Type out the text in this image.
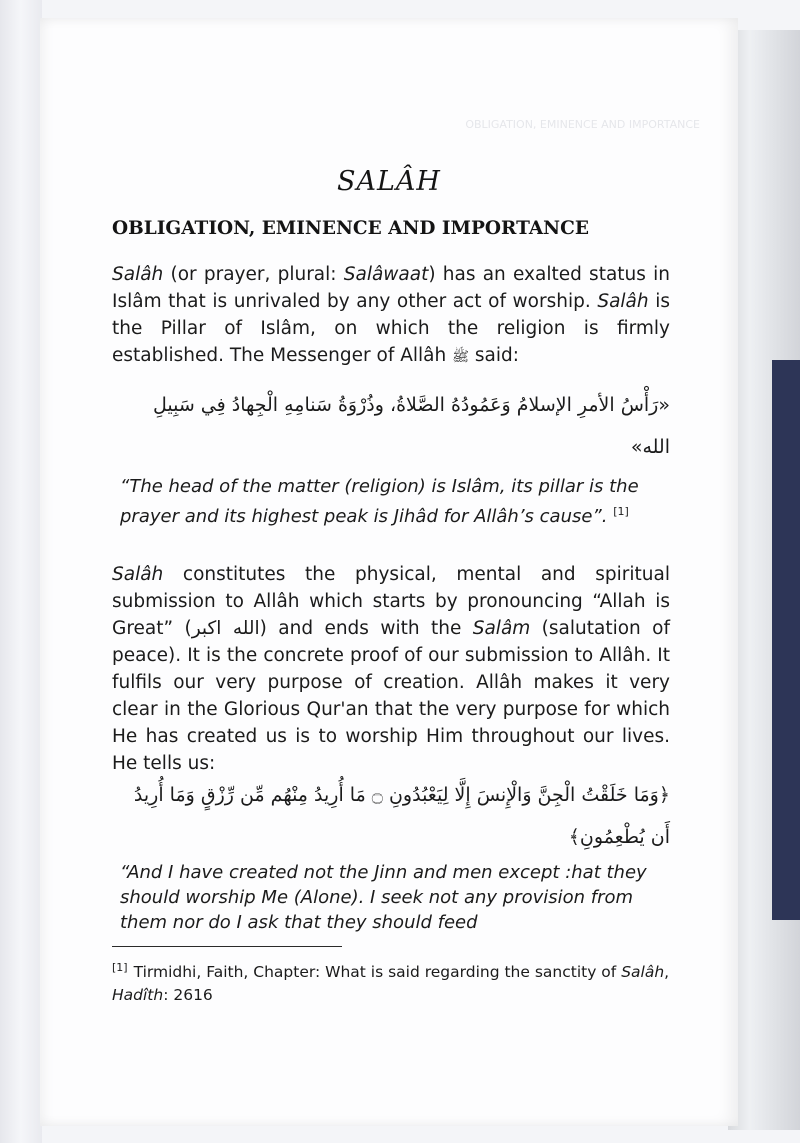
OBLIGATION, EMINENCE AND IMPORTANCE
SALÂH
OBLIGATION, EMINENCE AND IMPORTANCE
Salâh (or prayer, plural: Salâwaat) has an exalted status in Islâm that is unrivaled by any other act of worship. Salâh is the Pillar of Islâm, on which the religion is firmly established. The Messenger of Allâh ﷺ said:
«رَأْسُ الأمرِ الإسلامُ وَعَمُودُهُ الصَّلاةُ، وذُرْوَةُ سَنامِهِ الْجِهادُ فِي سَبِيلِ الله»
“The head of the matter (religion) is Islâm, its pillar is the prayer and its highest peak is Jihâd for Allâh’s cause”. [1]
Salâh constitutes the physical, mental and spiritual submission to Allâh which starts by pronouncing “Allah is Great” (الله اكبر) and ends with the Salâm (salutation of peace). It is the concrete proof of our submission to Allâh. It fulfils our very purpose of creation. Allâh makes it very clear in the Glorious Qur'an that the very purpose for which He has created us is to worship Him throughout our lives. He tells us:
﴿وَمَا خَلَقْتُ الْجِنَّ وَالْإِنسَ إِلَّا لِيَعْبُدُونِ ۝ مَا أُرِيدُ مِنْهُم مِّن رِّزْقٍ وَمَا أُرِيدُ أَن يُطْعِمُونِ﴾
“And I have created not the Jinn and men except :hat they should worship Me (Alone). I seek not any provision from them nor do I ask that they should feed
[1] Tirmidhi, Faith, Chapter: What is said regarding the sanctity of Salâh, Hadîth: 2616
